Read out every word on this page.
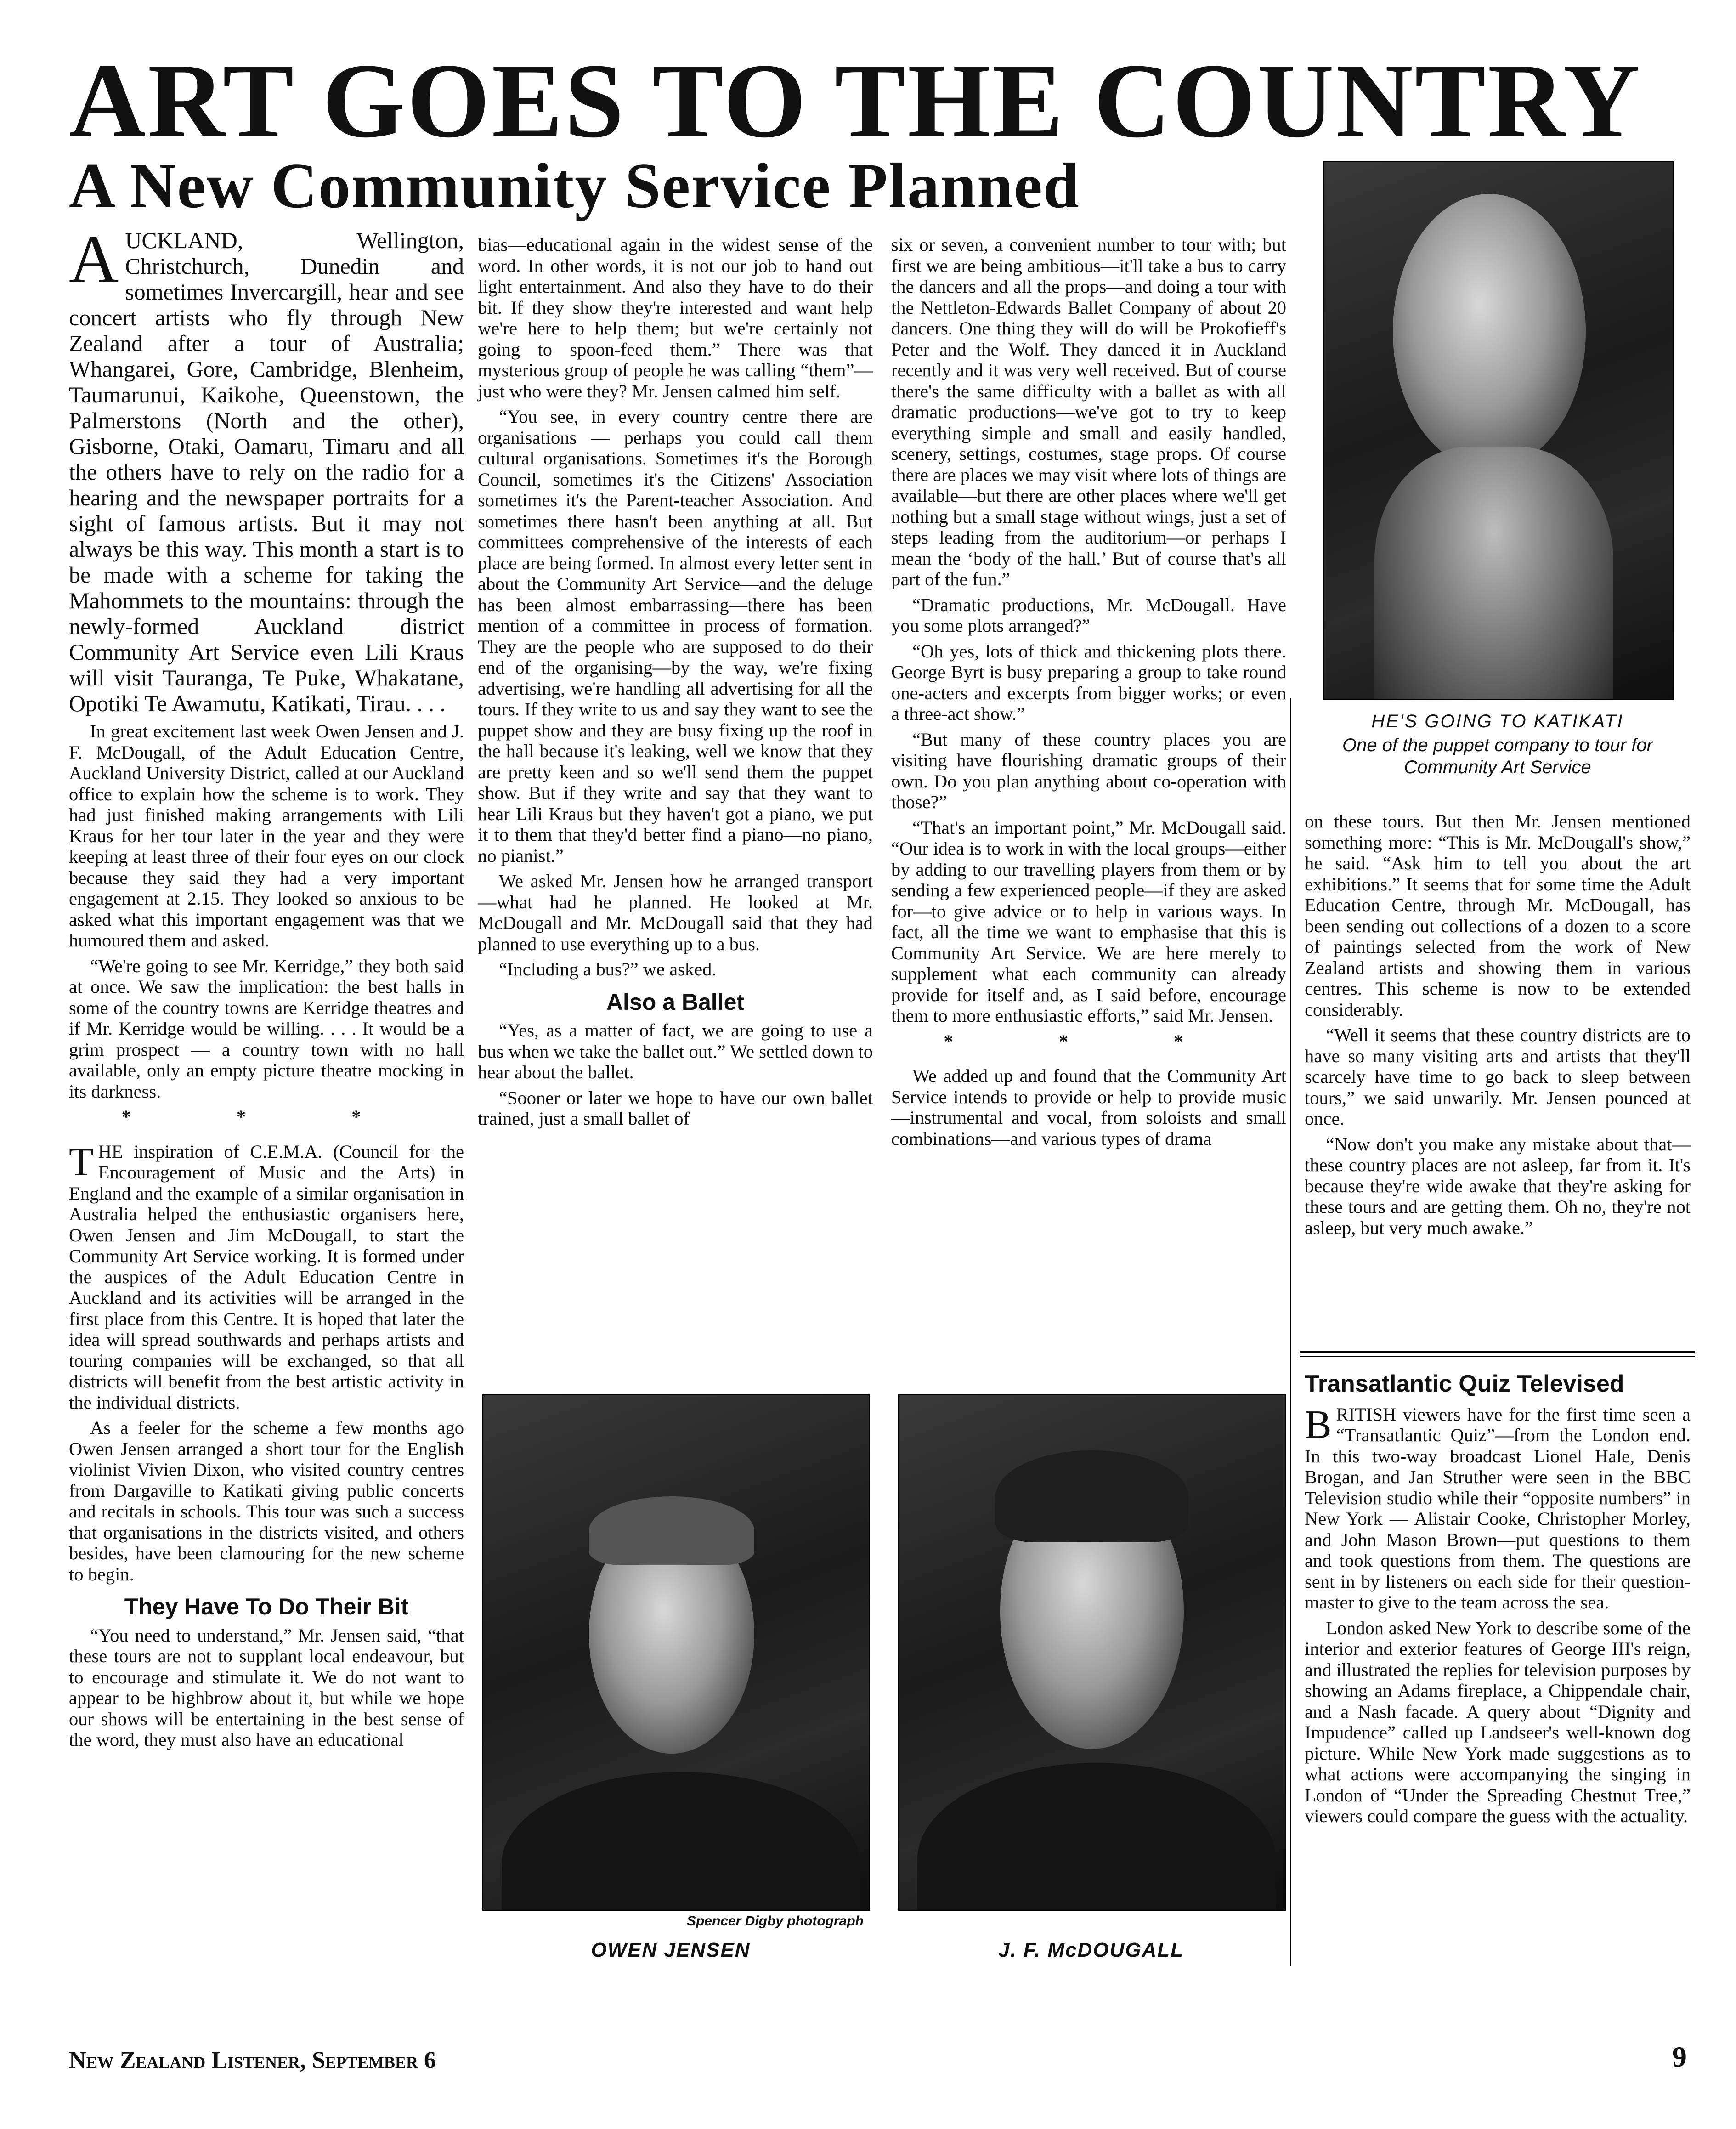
ART GOES TO THE COUNTRY
A New Community Service Planned

AUCKLAND, Wellington, Christchurch, Dunedin and sometimes Invercargill, hear and see concert artists who fly through New Zealand after a tour of Australia; Whangarei, Gore, Cambridge, Blenheim, Taumarunui, Kaikohe, Queenstown, the Palmerstons (North and the other), Gisborne, Otaki, Oamaru, Timaru and all the others have to rely on the radio for a hearing and the newspaper portraits for a sight of famous artists. But it may not always be this way. This month a start is to be made with a scheme for taking the Mahommets to the mountains: through the newly-formed Auckland district Community Art Service even Lili Kraus will visit Tauranga, Te Puke, Whakatane, Opotiki Te Awamutu, Katikati, Tirau. . . .

In great excitement last week Owen Jensen and J. F. McDougall, of the Adult Education Centre, Auckland University District, called at our Auckland office to explain how the scheme is to work. They had just finished making arrangements with Lili Kraus for her tour later in the year and they were keeping at least three of their four eyes on our clock because they said they had a very important engagement at 2.15. They looked so anxious to be asked what this important engagement was that we humoured them and asked.

“We're going to see Mr. Kerridge,” they both said at once. We saw the implication: the best halls in some of the country towns are Kerridge theatres and if Mr. Kerridge would be willing. . . . It would be a grim prospect — a country town with no hall available, only an empty picture theatre mocking in its darkness.

* * *

THE inspiration of C.E.M.A. (Council for the Encouragement of Music and the Arts) in England and the example of a similar organisation in Australia helped the enthusiastic organisers here, Owen Jensen and Jim McDougall, to start the Community Art Service working. It is formed under the auspices of the Adult Education Centre in Auckland and its activities will be arranged in the first place from this Centre. It is hoped that later the idea will spread southwards and perhaps artists and touring companies will be exchanged, so that all districts will benefit from the best artistic activity in the individual districts.

As a feeler for the scheme a few months ago Owen Jensen arranged a short tour for the English violinist Vivien Dixon, who visited country centres from Dargaville to Katikati giving public concerts and recitals in schools. This tour was such a success that organisations in the districts visited, and others besides, have been clamouring for the new scheme to begin.

They Have To Do Their Bit

“You need to understand,” Mr. Jensen said, “that these tours are not to supplant local endeavour, but to encourage and stimulate it. We do not want to appear to be highbrow about it, but while we hope our shows will be entertaining in the best sense of the word, they must also have an educational

bias—educational again in the widest sense of the word. In other words, it is not our job to hand out light entertainment. And also they have to do their bit. If they show they're interested and want help we're here to help them; but we're certainly not going to spoon-feed them.” There was that mysterious group of people he was calling “them”—just who were they? Mr. Jensen calmed him self.

“You see, in every country centre there are organisations — perhaps you could call them cultural organisations. Sometimes it's the Borough Council, sometimes it's the Citizens' Association sometimes it's the Parent-teacher Association. And sometimes there hasn't been anything at all. But committees comprehensive of the interests of each place are being formed. In almost every letter sent in about the Community Art Service—and the deluge has been almost embarrassing—there has been mention of a committee in process of formation. They are the people who are supposed to do their end of the organising—by the way, we're fixing advertising, we're handling all advertising for all the tours. If they write to us and say they want to see the puppet show and they are busy fixing up the roof in the hall because it's leaking, well we know that they are pretty keen and so we'll send them the puppet show. But if they write and say that they want to hear Lili Kraus but they haven't got a piano, we put it to them that they'd better find a piano—no piano, no pianist.”

We asked Mr. Jensen how he arranged transport—what had he planned. He looked at Mr. McDougall and Mr. McDougall said that they had planned to use everything up to a bus.

“Including a bus?” we asked.

Also a Ballet

“Yes, as a matter of fact, we are going to use a bus when we take the ballet out.” We settled down to hear about the ballet.

“Sooner or later we hope to have our own ballet trained, just a small ballet of

six or seven, a convenient number to tour with; but first we are being ambitious—it'll take a bus to carry the dancers and all the props—and doing a tour with the Nettleton-Edwards Ballet Company of about 20 dancers. One thing they will do will be Prokofieff's Peter and the Wolf. They danced it in Auckland recently and it was very well received. But of course there's the same difficulty with a ballet as with all dramatic productions—we've got to try to keep everything simple and small and easily handled, scenery, settings, costumes, stage props. Of course there are places we may visit where lots of things are available—but there are other places where we'll get nothing but a small stage without wings, just a set of steps leading from the auditorium—or perhaps I mean the ‘body of the hall.’ But of course that's all part of the fun.”

“Dramatic productions, Mr. McDougall. Have you some plots arranged?”

“Oh yes, lots of thick and thickening plots there. George Byrt is busy preparing a group to take round one-acters and excerpts from bigger works; or even a three-act show.”

“But many of these country places you are visiting have flourishing dramatic groups of their own. Do you plan anything about co-operation with those?”

“That's an important point,” Mr. McDougall said. “Our idea is to work in with the local groups—either by adding to our travelling players from them or by sending a few experienced people—if they are asked for—to give advice or to help in various ways. In fact, all the time we want to emphasise that this is Community Art Service. We are here merely to supplement what each community can already provide for itself and, as I said before, encourage them to more enthusiastic efforts,” said Mr. Jensen.

* * *

We added up and found that the Community Art Service intends to provide or help to provide music—instrumental and vocal, from soloists and small combinations—and various types of drama

HE'S GOING TO KATIKATI
One of the puppet company to tour for Community Art Service

on these tours. But then Mr. Jensen mentioned something more: “This is Mr. McDougall's show,” he said. “Ask him to tell you about the art exhibitions.” It seems that for some time the Adult Education Centre, through Mr. McDougall, has been sending out collections of a dozen to a score of paintings selected from the work of New Zealand artists and showing them in various centres. This scheme is now to be extended considerably.

“Well it seems that these country districts are to have so many visiting arts and artists that they'll scarcely have time to go back to sleep between tours,” we said unwarily. Mr. Jensen pounced at once.

“Now don't you make any mistake about that—these country places are not asleep, far from it. It's because they're wide awake that they're asking for these tours and are getting them. Oh no, they're not asleep, but very much awake.”

Transatlantic Quiz Televised

BRITISH viewers have for the first time seen a “Transatlantic Quiz”—from the London end. In this two-way broadcast Lionel Hale, Denis Brogan, and Jan Struther were seen in the BBC Television studio while their “opposite numbers” in New York — Alistair Cooke, Christopher Morley, and John Mason Brown—put questions to them and took questions from them. The questions are sent in by listeners on each side for their question-master to give to the team across the sea.

London asked New York to describe some of the interior and exterior features of George III's reign, and illustrated the replies for television purposes by showing an Adams fireplace, a Chippendale chair, and a Nash facade. A query about “Dignity and Impudence” called up Landseer's well-known dog picture. While New York made suggestions as to what actions were accompanying the singing in London of “Under the Spreading Chestnut Tree,” viewers could compare the guess with the actuality.

Spencer Digby photograph
OWEN JENSEN	J. F. McDOUGALL
New Zealand Listener, September 6	9
